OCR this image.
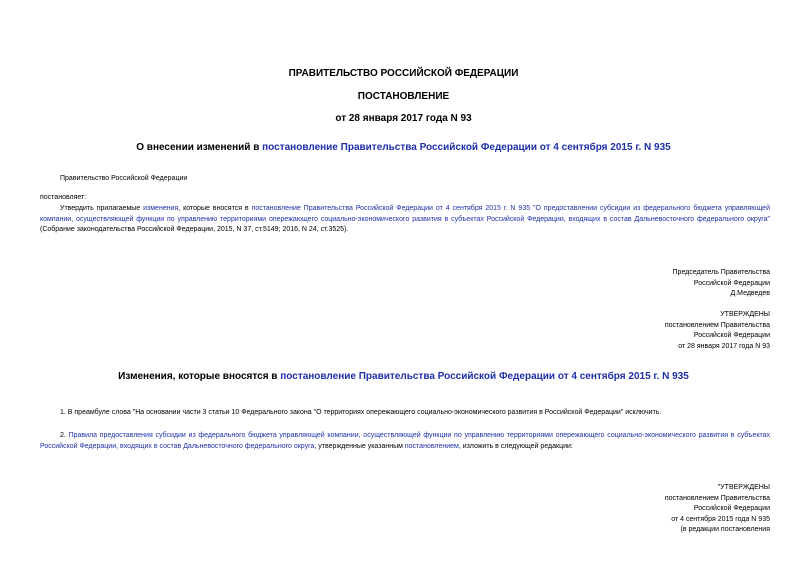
ПРАВИТЕЛЬСТВО РОССИЙСКОЙ ФЕДЕРАЦИИ
ПОСТАНОВЛЕНИЕ
от 28 января 2017 года N 93
О внесении изменений в постановление Правительства Российской Федерации от 4 сентября 2015 г. N 935
Правительство Российской Федерации
постановляет:
Утвердить прилагаемые изменения, которые вносятся в постановление Правительства Российской Федерации от 4 сентября 2015 г. N 935 "О предоставлении субсидии из федерального бюджета управляющей компании, осуществляющей функции по управлению территориями опережающего социально-экономического развития в субъектах Российской Федерации, входящих в состав Дальневосточного федерального округа" (Собрание законодательства Российской Федерации, 2015, N 37, ст.5149; 2016, N 24, ст.3525).
Председатель Правительства
Российской Федерации
Д.Медведев
УТВЕРЖДЕНЫ
постановлением Правительства
Российской Федерации
от 28 января 2017 года N 93
Изменения, которые вносятся в постановление Правительства Российской Федерации от 4 сентября 2015 г. N 935
1. В преамбуле слова "На основании части 3 статьи 10 Федерального закона "О территориях опережающего социально-экономического развития в Российской Федерации" исключить.
2. Правила предоставления субсидии из федерального бюджета управляющей компании, осуществляющей функции по управлению территориями опережающего социально-экономического развития в субъектах Российской Федерации, входящих в состав Дальневосточного федерального округа, утвержденные указанным постановлением, изложить в следующей редакции:
"УТВЕРЖДЕНЫ
постановлением Правительства
Российской Федерации
от 4 сентября 2015 года N 935
(в редакции постановления
